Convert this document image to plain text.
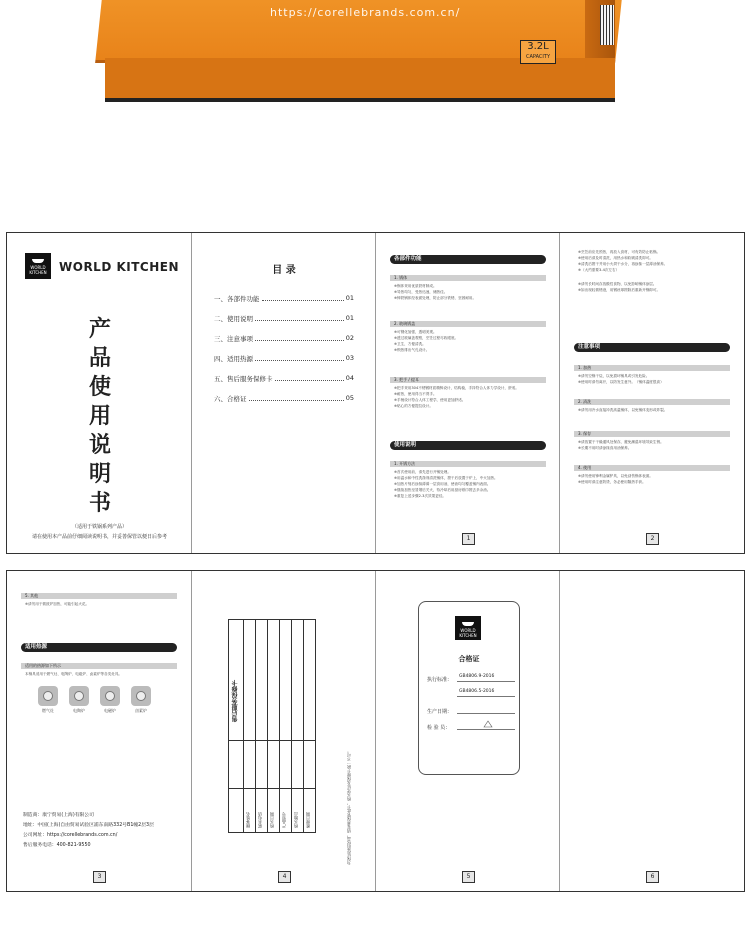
https://corellebrands.com.cn/
3.2L
CAPACITY
WORLD
KITCHEN	WORLD KITCHEN
产品使用说明书
（适用于铁锅系列产品）
请在使用本产品前仔细阅读说明书，并妥善保管以便日后参考
目 录
一、各部件功能	01
二、使用说明	01
三、注意事项	02
四、适用热源	03
五、售后服务保修卡	04
六、合格证	05
各部件功能
1. 锅体
※锅体采用优质铁材制成。
※导热均匀，受热迅速，储热佳。
※铸铁锅体经表面处理，防止部分铁锈，坚固耐用。
2. 玻璃锅盖
※可钢化加强，透明美观。
※透过玻璃盖观察，烹饪过程尽收眼底。
※卫生，方便清洗。
※锁热排出气孔设计。
3. 把手 / 提耳
※把手采用304不锈钢材质精铸设计，结构稳，手持符合人体力学设计，舒适。
※耐热，使用得当不烫手。
※手柄设计符合人体工程学，使用更加舒适。
※贴心的方便提拉设计。
使用说明
1. 开锅方法
※首次使用前，请先进行开锅处理。
※用温水和中性洗涤剂清洗锅体，擦干后放置于炉上，中火加热。
※加热片刻后涂抹薄薄一层食用油，使油均匀覆盖锅内表面。
※继续加热至冒烟后关火，待冷却后用厨房纸巾擦去多余油。
※重复上述步骤2-3次效果更佳。
1
※烹饪前应先预热，再放入食材，可有效防止粘锅。
※使用后请及时清洗，用热水和软刷清洗即可。
※清洗后擦干并用小火烘干水分，再涂抹一层薄油保养。
※（大约需要3-4次左右）
※请勿长时间存放酸性食物，以免影响锅体涂层。
※如出现轻微锈迹，用钢丝球擦除后重新开锅即可。
注意事项
1. 加热
※请勿空锅干烧，以免损坏锅具或引发危险。
※使用时请勿离开，以防发生意外。（锅体温度很高）
2. 清洗
※请勿用冷水直接冲洗高温锅体，以免锅体变形或炸裂。
3. 保存
※请放置于干燥通风处保存，避免潮湿环境导致生锈。
※长期不用时请涂抹食用油保养。
4. 使用
※请勿使用锋利金属铲具，以免刮伤锅体表面。
※使用时请注意防烫，务必使用隔热手套。
2
5. 其他
※请勿用于微波炉加热，可能引起火花。
适用热源
适用的热源如下所示
本锅具适用于燃气灶、电陶炉、电磁炉、卤素炉等各类灶具。
燃气灶	电陶炉	电磁炉	卤素炉
制造商：康宁贸易(上海)有限公司
地址：中国(上海)自由贸易试验区浦东南路332号B1幢2层3层
公司网址：https://corellebrands.com.cn/
售后服务电话：400-821-9550
3
售后服务保修卡
顾客姓名 联系电话 购买日期 产品型号 购买地点 维修日期	为保证您的权益，请妥善保管此卡，购买凭证及保修卡缺一不可。
4
WORLD
KITCHEN
合格证
执行标准：
GB4806.9-2016
GB4806.5-2016
生产日期：
检 验 员：
5	6
